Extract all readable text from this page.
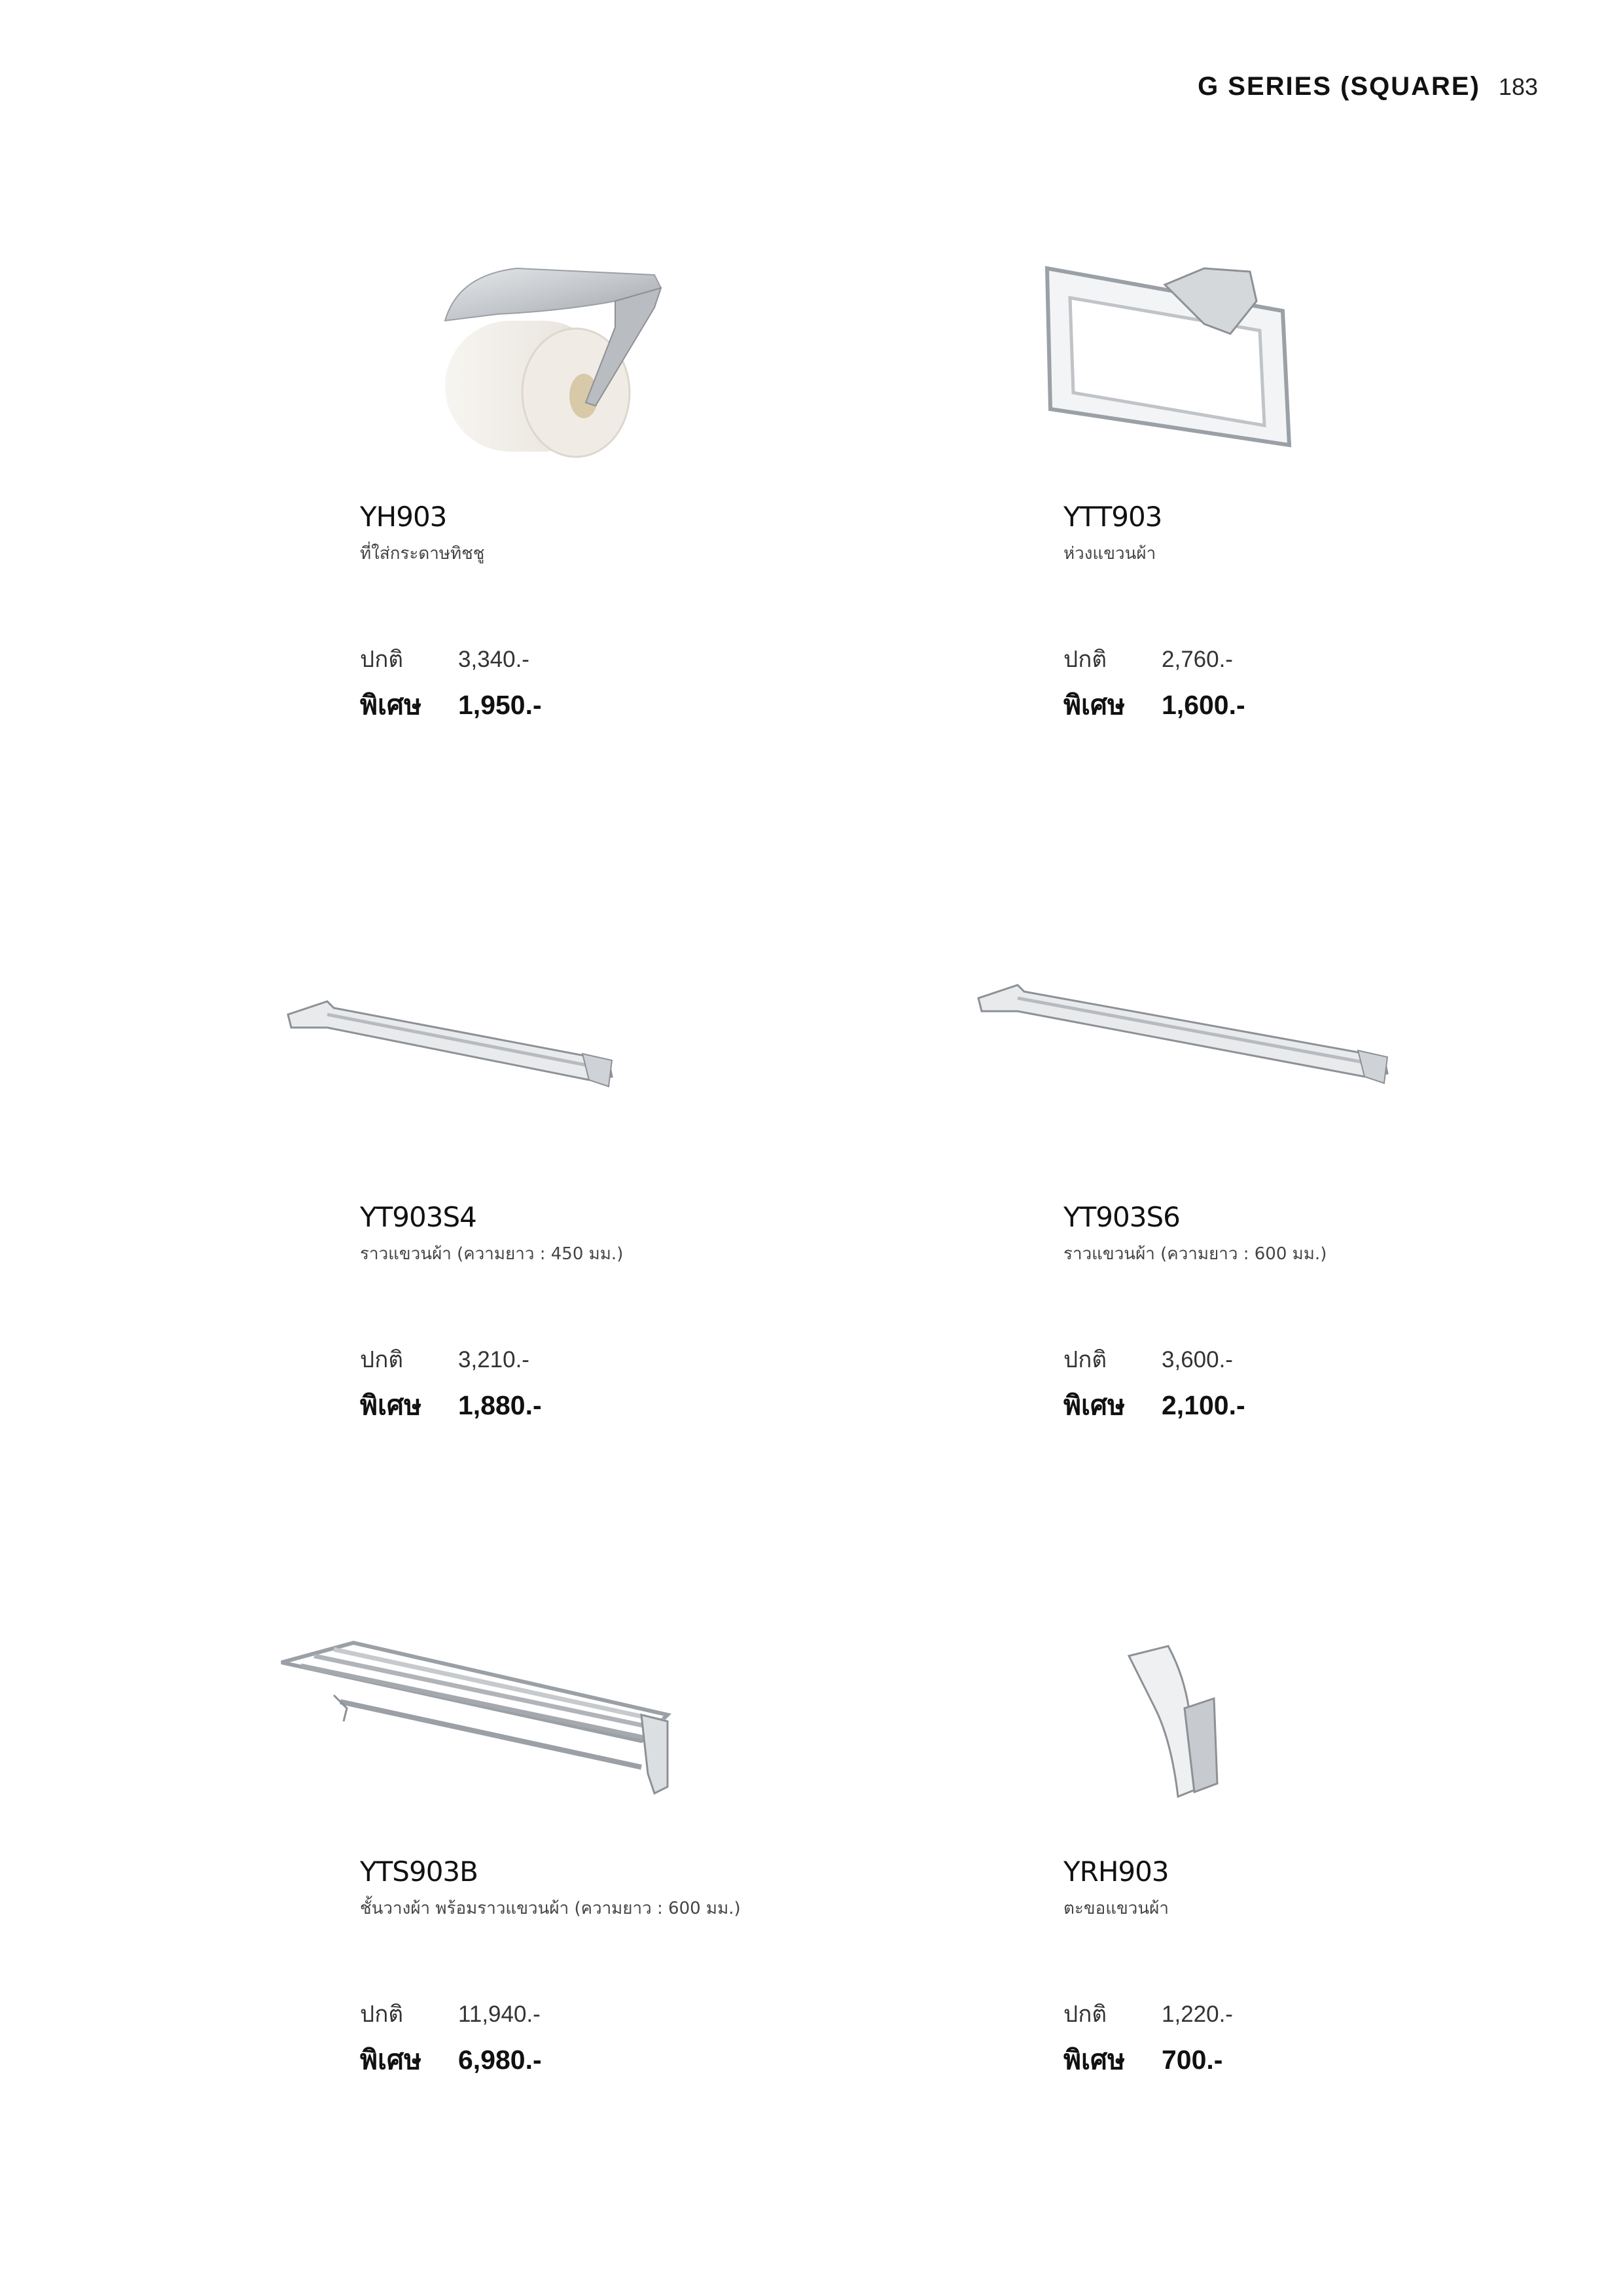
G SERIES (SQUARE) 183
YH903
ที่ใส่กระดาษทิชชู
ปกติ	3,340.-
พิเศษ	1,950.-
YTT903
ห่วงแขวนผ้า
ปกติ	2,760.-
พิเศษ	1,600.-
YT903S4
ราวแขวนผ้า (ความยาว : 450 มม.)
ปกติ	3,210.-
พิเศษ	1,880.-
YT903S6
ราวแขวนผ้า (ความยาว : 600 มม.)
ปกติ	3,600.-
พิเศษ	2,100.-
YTS903B
ชั้นวางผ้า พร้อมราวแขวนผ้า (ความยาว : 600 มม.)
ปกติ	11,940.-
พิเศษ	6,980.-
YRH903
ตะขอแขวนผ้า
ปกติ	1,220.-
พิเศษ	700.-
